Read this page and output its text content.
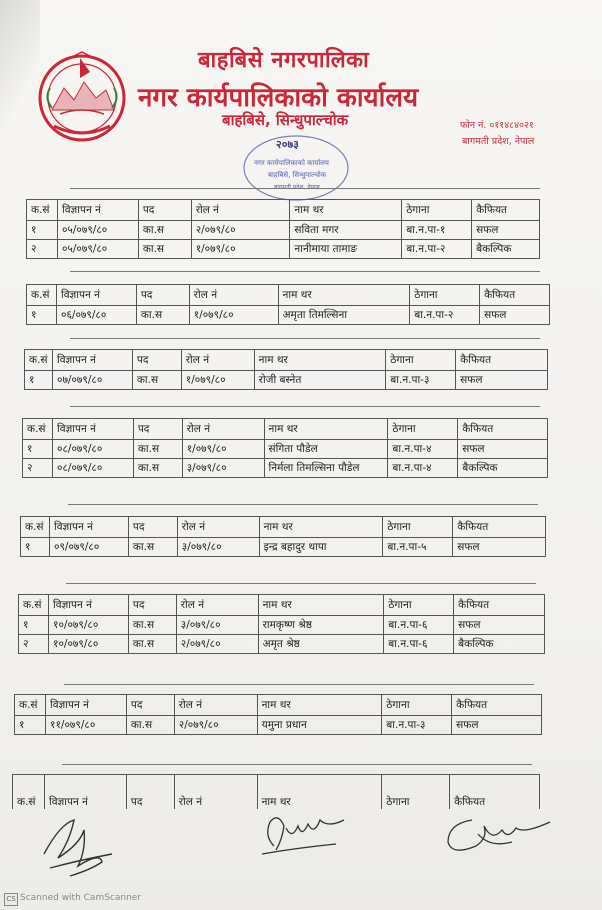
बाहबिसे नगरपालिका
नगर कार्यपालिकाको कार्यालय
बाहबिसे, सिन्धुपाल्चोक	फोन नं. ०११४८४०२१
बागमती प्रदेश, नेपाल
२०७३
नगर कार्यपालिकाको कार्यालय
बाहबिसे, सिन्धुपाल्चोक
क.सं	विज्ञापन नं	पद	रोल नं	नाम थर	ठेगाना	कैफियत
१	०५/०७९/८०	का.स	२/०७९/८०	सविता मगर	बा.न.पा-१	सफल
२	०५/०७९/८०	का.स	१/०७९/८०	नानीमाया तामाङ	बा.न.पा-२	बैकल्पिक
क.सं	विज्ञापन नं	पद	रोल नं	नाम थर	ठेगाना	कैफियत
१	०६/०७९/८०	का.स	१/०७९/८०	अमृता तिमल्सिना	बा.न.पा-२	सफल
क.सं	विज्ञापन नं	पद	रोल नं	नाम थर	ठेगाना	कैफियत
१	०७/०७९/८०	का.स	१/०७९/८०	रोजी बस्नेत	बा.न.पा-३	सफल
क.सं	विज्ञापन नं	पद	रोल नं	नाम थर	ठेगाना	कैफियत
१	०८/०७९/८०	का.स	१/०७९/८०	संगिता पौडेल	बा.न.पा-४	सफल
२	०८/०७९/८०	का.स	३/०७९/८०	निर्मला तिमल्सिना पौडेल	बा.न.पा-४	बैकल्पिक
क.सं	विज्ञापन नं	पद	रोल नं	नाम थर	ठेगाना	कैफियत
१	०९/०७९/८०	का.स	३/०७९/८०	इन्द्र बहादुर थापा	बा.न.पा-५	सफल
क.सं	विज्ञापन नं	पद	रोल नं	नाम थर	ठेगाना	कैफियत
१	१०/०७९/८०	का.स	३/०७९/८०	रामकृष्ण श्रेष्ठ	बा.न.पा-६	सफल
२	१०/०७९/८०	का.स	२/०७९/८०	अमृत श्रेष्ठ	बा.न.पा-६	बैकल्पिक
क.सं	विज्ञापन नं	पद	रोल नं	नाम थर	ठेगाना	कैफियत
१	११/०७९/८०	का.स	२/०७९/८०	यमुना प्रधान	बा.न.पा-३	सफल
क.सं	विज्ञापन नं	पद	रोल नं	नाम थर	ठेगाना	कैफियत
CS Scanned with CamScanner
